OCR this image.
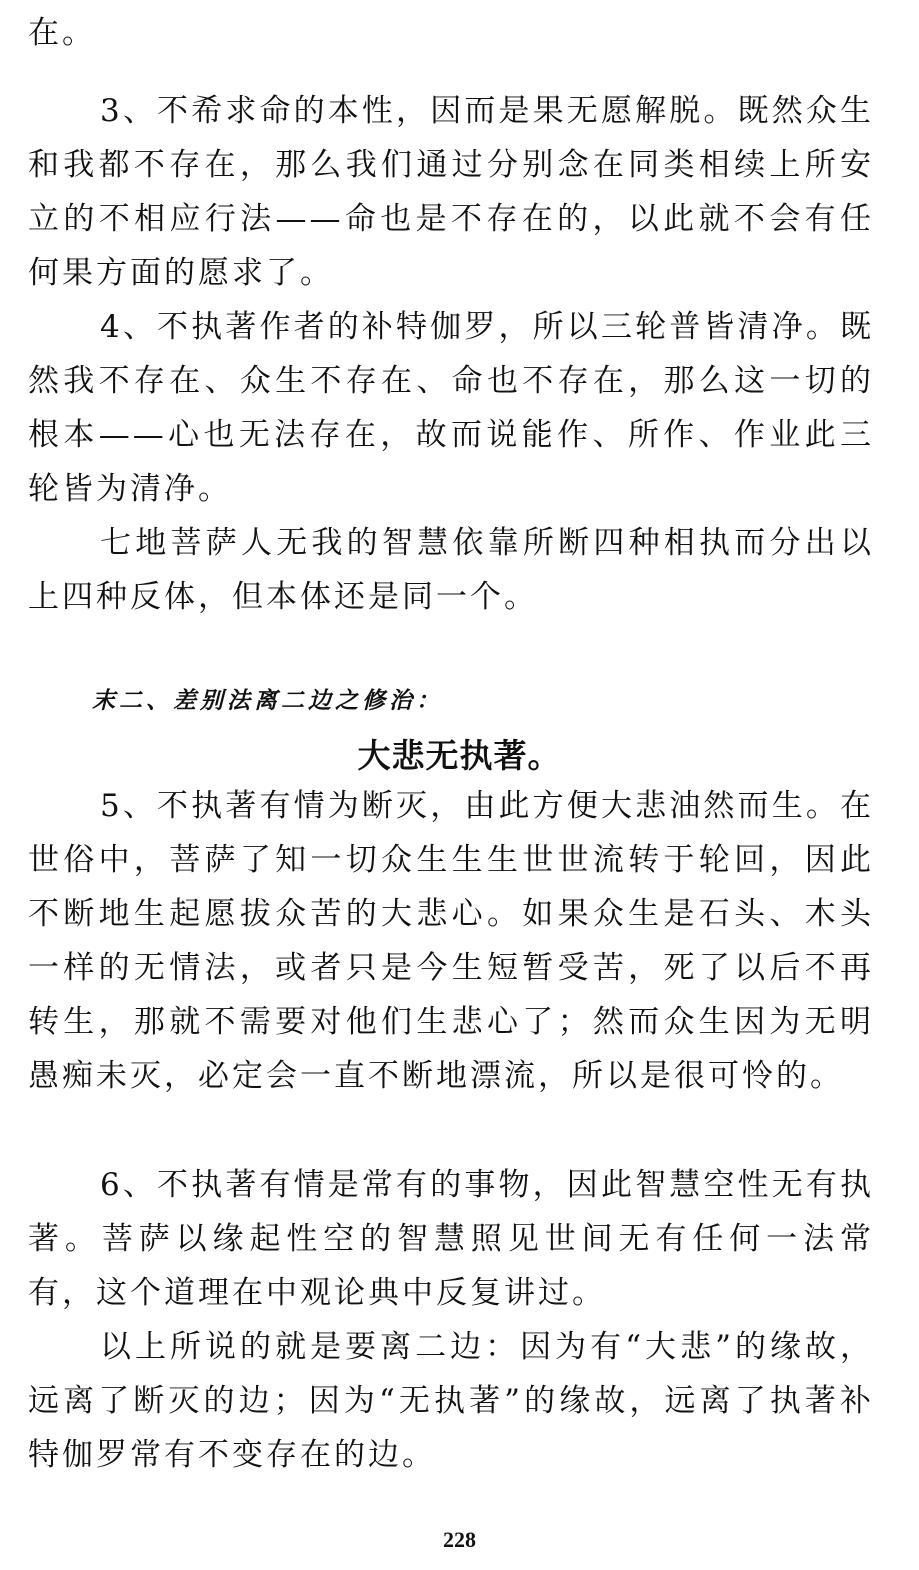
在。

3、不希求命的本性，因而是果无愿解脱。既然众生和我都不存在，那么我们通过分别念在同类相续上所安立的不相应行法——命也是不存在的，以此就不会有任何果方面的愿求了。

4、不执著作者的补特伽罗，所以三轮普皆清净。既然我不存在、众生不存在、命也不存在，那么这一切的根本——心也无法存在，故而说能作、所作、作业此三轮皆为清净。

七地菩萨人无我的智慧依靠所断四种相执而分出以上四种反体，但本体还是同一个。

末二、差别法离二边之修治：
大悲无执著。

5、不执著有情为断灭，由此方便大悲油然而生。在世俗中，菩萨了知一切众生生生世世流转于轮回，因此不断地生起愿拔众苦的大悲心。如果众生是石头、木头一样的无情法，或者只是今生短暂受苦，死了以后不再转生，那就不需要对他们生悲心了；然而众生因为无明愚痴未灭，必定会一直不断地漂流，所以是很可怜的。

6、不执著有情是常有的事物，因此智慧空性无有执著。菩萨以缘起性空的智慧照见世间无有任何一法常有，这个道理在中观论典中反复讲过。

以上所说的就是要离二边：因为有“大悲”的缘故，远离了断灭的边；因为“无执著”的缘故，远离了执著补特伽罗常有不变存在的边。

228
